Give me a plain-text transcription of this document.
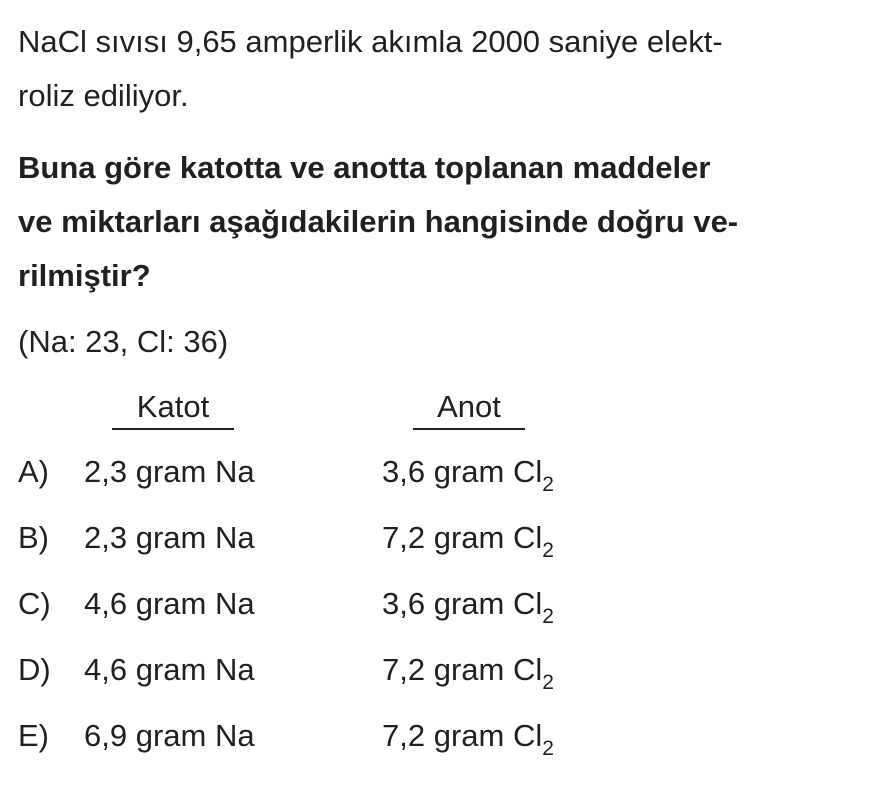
NaCl sıvısı 9,65 amperlik akımla 2000 saniye elekt-
roliz ediliyor.
Buna göre katotta ve anotta toplanan maddeler
ve miktarları aşağıdakilerin hangisinde doğru ve-
rilmiştir?
(Na: 23, Cl: 36)
Katot	Anot
A) 2,3 gram Na	3,6 gram $Cl_2$
B) 2,3 gram Na	7,2 gram $Cl_2$
C) 4,6 gram Na	3,6 gram $Cl_2$
D) 4,6 gram Na	7,2 gram $Cl_2$
E) 6,9 gram Na	7,2 gram $Cl_2$
